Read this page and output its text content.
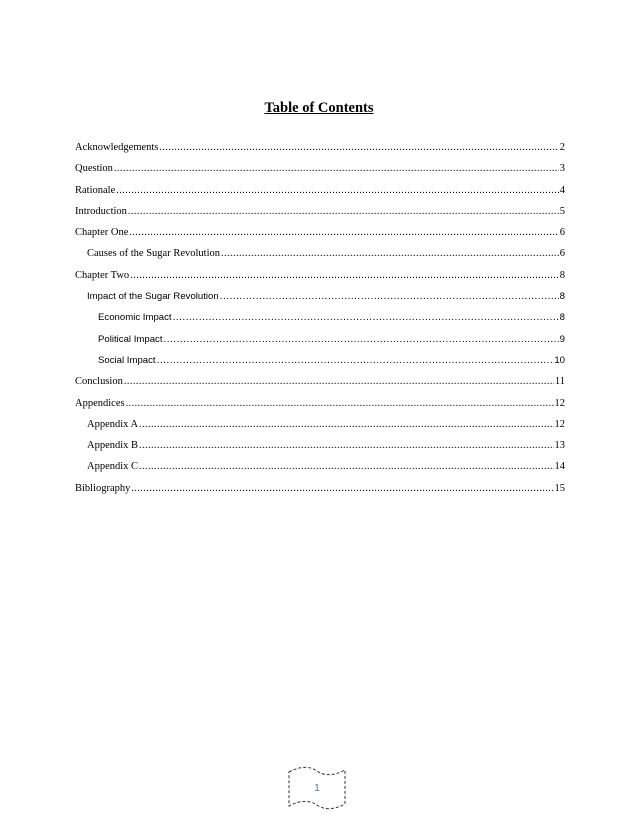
Table of Contents
Acknowledgements .....	2
Question .....	3
Rationale .....	4
Introduction .....	5
Chapter One .....	6
Causes of the Sugar Revolution .....	6
Chapter Two .....	8
Impact of the Sugar Revolution .....	8
Economic Impact .....	8
Political Impact .....	9
Social Impact .....	10
Conclusion .....	11
Appendices .....	12
Appendix A .....	12
Appendix B .....	13
Appendix C .....	14
Bibliography .....	15
1
